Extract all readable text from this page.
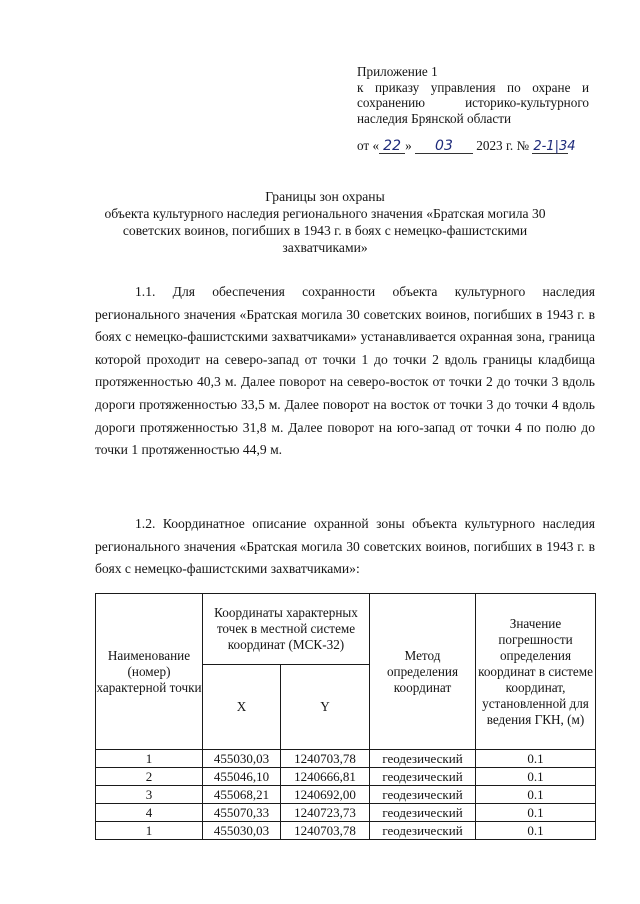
Приложение 1
к приказу управления по охране и
сохранению	историко-культурного
наследия Брянской области
от « 22 » 03 2023 г. № 2-1|34
Границы зон охраны
объекта культурного наследия регионального значения «Братская могила 30
советских воинов, погибших в 1943 г. в боях с немецко-фашистскими
захватчиками»
1.1. Для обеспечения сохранности объекта культурного наследия регионального значения «Братская могила 30 советских воинов, погибших в 1943 г. в боях с немецко-фашистскими захватчиками» устанавливается охранная зона, граница которой проходит на северо-запад от точки 1 до точки 2 вдоль границы кладбища протяженностью 40,3 м. Далее поворот на северо-восток от точки 2 до точки 3 вдоль дороги протяженностью 33,5 м. Далее поворот на восток от точки 3 до точки 4 вдоль дороги протяженностью 31,8 м. Далее поворот на юго-запад от точки 4 по полю до точки 1 протяженностью 44,9 м.
1.2. Координатное описание охранной зоны объекта культурного наследия регионального значения «Братская могила 30 советских воинов, погибших в 1943 г. в боях с немецко-фашистскими захватчиками»:
Наименование (номер) характерной точки	Координаты характерных точек в местной системе координат (МСК-32)		Метод определения координат	Значение погрешности определения координат в системе координат, установленной для ведения ГКН, (м)
	X	Y		
1	455030,03	1240703,78	геодезический	0.1
2	455046,10	1240666,81	геодезический	0.1
3	455068,21	1240692,00	геодезический	0.1
4	455070,33	1240723,73	геодезический	0.1
1	455030,03	1240703,78	геодезический	0.1
